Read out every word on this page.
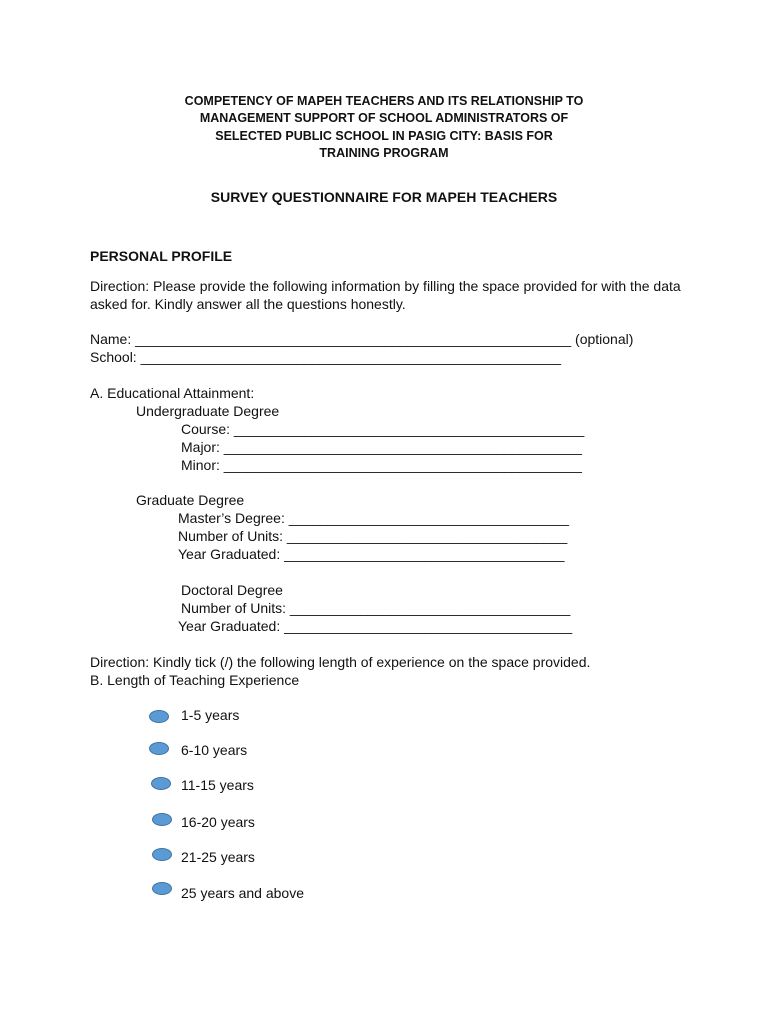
COMPETENCY OF MAPEH TEACHERS AND ITS RELATIONSHIP TO
MANAGEMENT SUPPORT OF SCHOOL ADMINISTRATORS OF
SELECTED PUBLIC SCHOOL IN PASIG CITY: BASIS FOR
TRAINING PROGRAM
SURVEY QUESTIONNAIRE FOR MAPEH TEACHERS
PERSONAL PROFILE
Direction: Please provide the following information by filling the space provided for with the data asked for. Kindly answer all the questions honestly.
Name: ________________________________________________________ (optional)
School: ______________________________________________________
A. Educational Attainment:
Undergraduate Degree
Course: _____________________________________________
Major: ______________________________________________
Minor: ______________________________________________
Graduate Degree
Master’s Degree: ____________________________________
Number of Units: ____________________________________
Year Graduated: ____________________________________
Doctoral Degree
Number of Units: ____________________________________
Year Graduated: _____________________________________
Direction: Kindly tick (/) the following length of experience on the space provided.
B. Length of Teaching Experience
1-5 years
6-10 years
11-15 years
16-20 years
21-25 years
25 years and above
